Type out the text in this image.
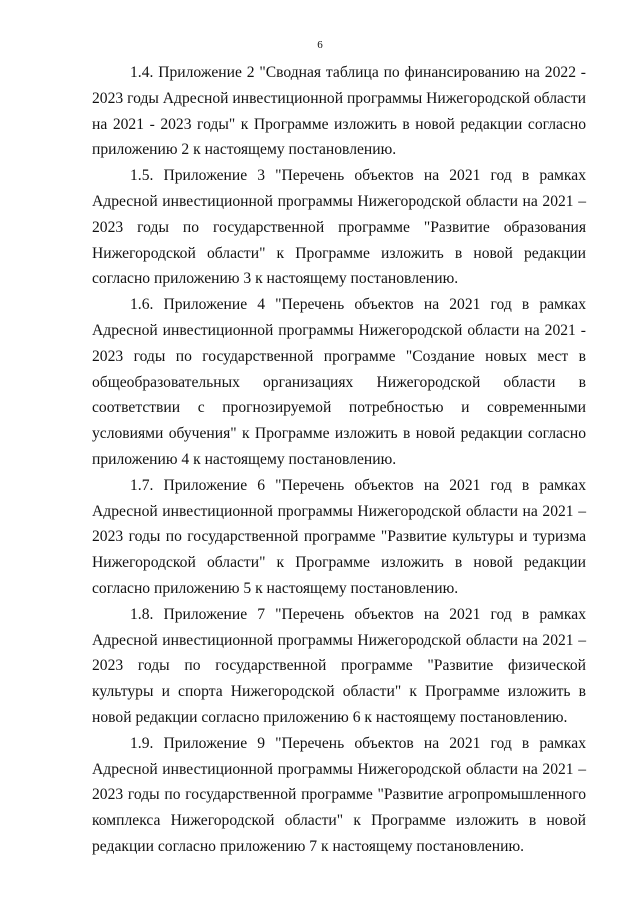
6

1.4. Приложение 2 "Сводная таблица по финансированию на 2022 - 2023 годы Адресной инвестиционной программы Нижегородской области на 2021 - 2023 годы" к Программе изложить в новой редакции согласно приложению 2 к настоящему постановлению.

1.5. Приложение 3 "Перечень объектов на 2021 год в рамках Адресной инвестиционной программы Нижегородской области на 2021 – 2023 годы по государственной программе "Развитие образования Нижегородской области" к Программе изложить в новой редакции согласно приложению 3 к настоящему постановлению.

1.6. Приложение 4 "Перечень объектов на 2021 год в рамках Адресной инвестиционной программы Нижегородской области на 2021 - 2023 годы по государственной программе "Создание новых мест в общеобразовательных организациях Нижегородской области в соответствии с прогнозируемой потребностью и современными условиями обучения" к Программе изложить в новой редакции согласно приложению 4 к настоящему постановлению.

1.7. Приложение 6 "Перечень объектов на 2021 год в рамках Адресной инвестиционной программы Нижегородской области на 2021 – 2023 годы по государственной программе "Развитие культуры и туризма Нижегородской области" к Программе изложить в новой редакции согласно приложению 5 к настоящему постановлению.

1.8. Приложение 7 "Перечень объектов на 2021 год в рамках Адресной инвестиционной программы Нижегородской области на 2021 – 2023 годы по государственной программе "Развитие физической культуры и спорта Нижегородской области" к Программе изложить в новой редакции согласно приложению 6 к настоящему постановлению.

1.9. Приложение 9 "Перечень объектов на 2021 год в рамках Адресной инвестиционной программы Нижегородской области на 2021 – 2023 годы по государственной программе "Развитие агропромышленного комплекса Нижегородской области" к Программе изложить в новой редакции согласно приложению 7 к настоящему постановлению.
